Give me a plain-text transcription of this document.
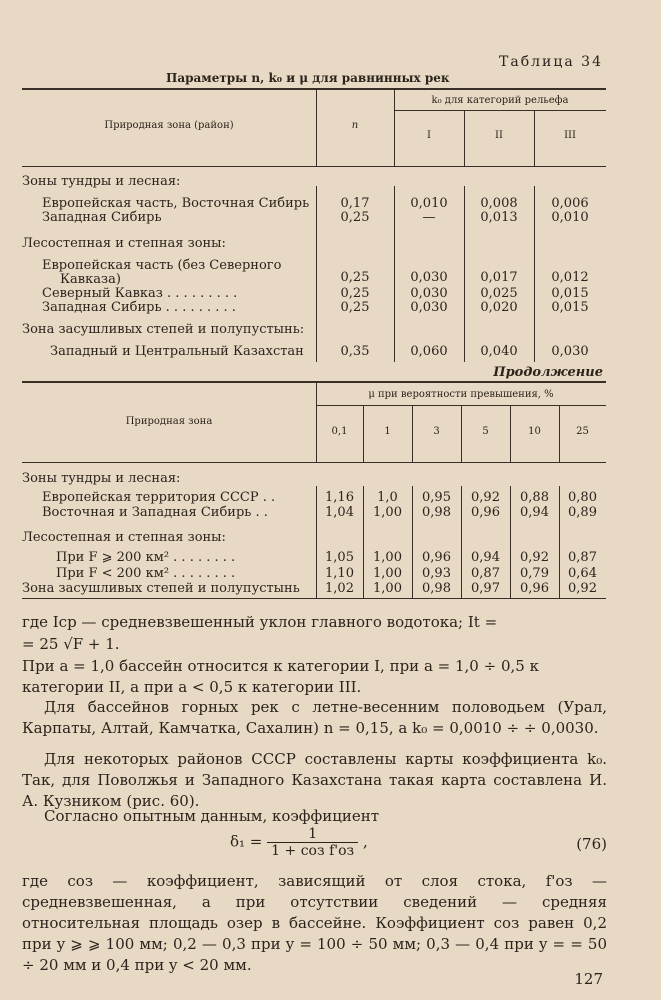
Таблица 34
Параметры n, k₀ и μ для равнинных рек
Природная зона (район)	n
k₀ для категорий рельефа
I	II	III
Зоны тундры и лесная:
Европейская часть, Восточная Сибирь	0,17	0,010	0,008	0,006
Западная Сибирь	0,25	—	0,013	0,010
Лесостепная и степная зоны:
Европейская часть (без Северного
Кавказа)	0,25	0,030	0,017	0,012
Северный Кавказ . . . . . . . . .	0,25	0,030	0,025	0,015
Западная Сибирь . . . . . . . . .	0,25	0,030	0,020	0,015
Зона засушливых степей и полупустынь:
Западный и Центральный Казахстан	0,35	0,060	0,040	0,030
Продолжение
Природная зона
μ при вероятности превышения, %
0,1	1	3	5	10	25
Зоны тундры и лесная:
Европейская территория СССР . .	1,16	1,0	0,95	0,92	0,88	0,80
Восточная и Западная Сибирь . .	1,04	1,00	0,98	0,96	0,94	0,89
Лесостепная и степная зоны:
При F ⩾ 200 км² . . . . . . . .	1,05	1,00	0,96	0,94	0,92	0,87
При F < 200 км² . . . . . . . .	1,10	1,00	0,93	0,87	0,79	0,64
Зона засушливых степей и полупустынь	1,02	1,00	0,98	0,97	0,96	0,92
где Iср — средневзвешенный уклон главного водотока; It =
= 25 √F + 1.
При a = 1,0 бассейн относится к категории I, при a = 1,0 ÷ 0,5 к категории II, а при a < 0,5 к категории III.
Для бассейнов горных рек с летне-весенним половодьем (Урал, Карпаты, Алтай, Камчатка, Сахалин) n = 0,15, а k₀ = 0,0010 ÷ ÷ 0,0030.
Для некоторых районов СССР составлены карты коэффициента k₀. Так, для Поволжья и Западного Казахстана такая карта составлена И. А. Кузником (рис. 60).
Согласно опытным данным, коэффициент
$\delta_1 = \frac{1}{\text{1 + cоз f'оз}}$ ,	(76)
где cоз — коэффициент, зависящий от слоя стока, f'оз — средневзвешенная, а при отсутствии сведений — средняя относительная площадь озер в бассейне. Коэффициент cоз равен 0,2 при y ⩾ ⩾ 100 мм; 0,2 — 0,3 при y = 100 ÷ 50 мм; 0,3 — 0,4 при y = = 50 ÷ 20 мм и 0,4 при y < 20 мм.
127
